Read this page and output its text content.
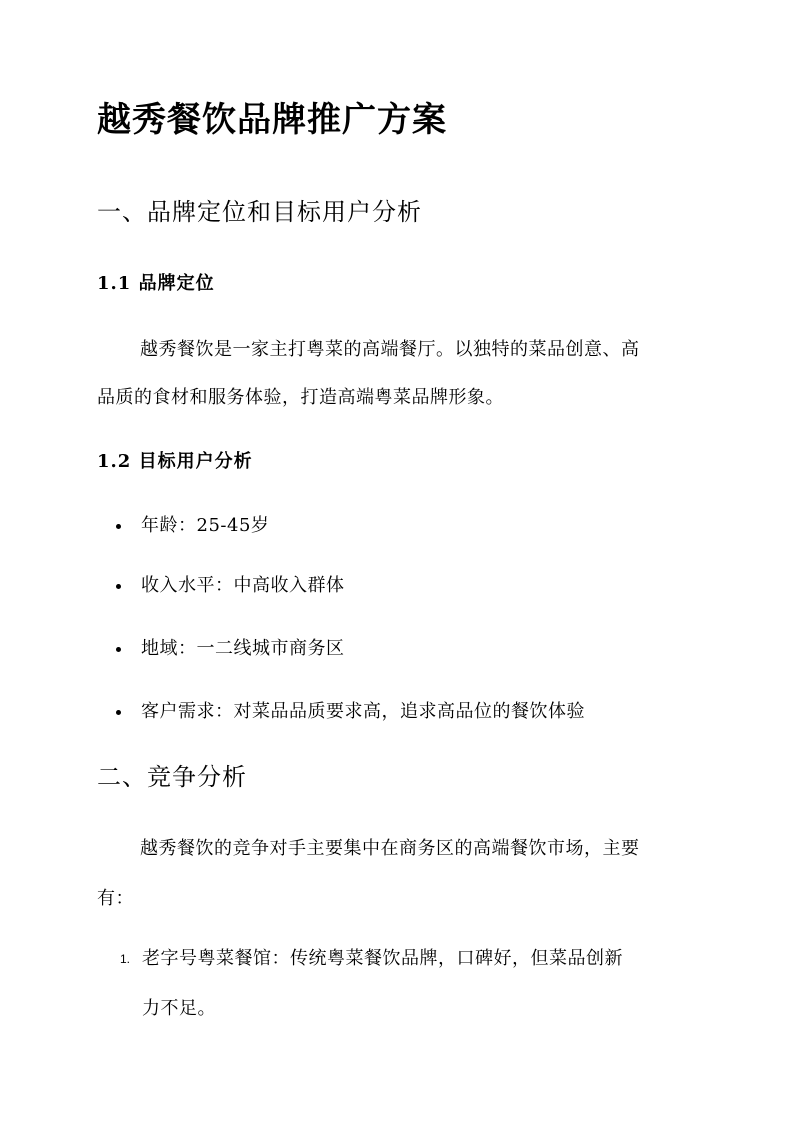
越秀餐饮品牌推广方案
一、品牌定位和目标用户分析
1.1 品牌定位
越秀餐饮是一家主打粤菜的高端餐厅。以独特的菜品创意、高
品质的食材和服务体验，打造高端粤菜品牌形象。
1.2 目标用户分析
年龄：25-45岁
收入水平：中高收入群体
地域：一二线城市商务区
客户需求：对菜品品质要求高，追求高品位的餐饮体验
二、竞争分析
越秀餐饮的竞争对手主要集中在商务区的高端餐饮市场，主要
有：
1. 老字号粤菜餐馆：传统粤菜餐饮品牌，口碑好，但菜品创新
力不足。
